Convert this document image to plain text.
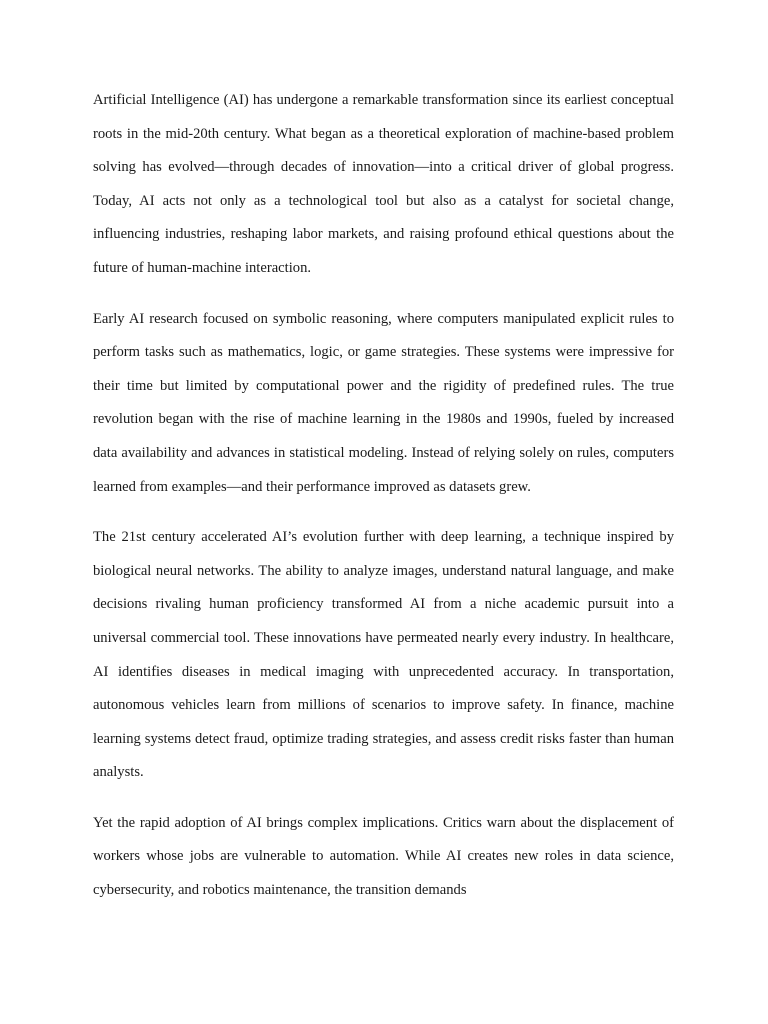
Artificial Intelligence (AI) has undergone a remarkable transformation since its earliest conceptual roots in the mid-20th century. What began as a theoretical exploration of machine-based problem solving has evolved—through decades of innovation—into a critical driver of global progress. Today, AI acts not only as a technological tool but also as a catalyst for societal change, influencing industries, reshaping labor markets, and raising profound ethical questions about the future of human-machine interaction.

Early AI research focused on symbolic reasoning, where computers manipulated explicit rules to perform tasks such as mathematics, logic, or game strategies. These systems were impressive for their time but limited by computational power and the rigidity of predefined rules. The true revolution began with the rise of machine learning in the 1980s and 1990s, fueled by increased data availability and advances in statistical modeling. Instead of relying solely on rules, computers learned from examples—and their performance improved as datasets grew.

The 21st century accelerated AI’s evolution further with deep learning, a technique inspired by biological neural networks. The ability to analyze images, understand natural language, and make decisions rivaling human proficiency transformed AI from a niche academic pursuit into a universal commercial tool. These innovations have permeated nearly every industry. In healthcare, AI identifies diseases in medical imaging with unprecedented accuracy. In transportation, autonomous vehicles learn from millions of scenarios to improve safety. In finance, machine learning systems detect fraud, optimize trading strategies, and assess credit risks faster than human analysts.

Yet the rapid adoption of AI brings complex implications. Critics warn about the displacement of workers whose jobs are vulnerable to automation. While AI creates new roles in data science, cybersecurity, and robotics maintenance, the transition demands
